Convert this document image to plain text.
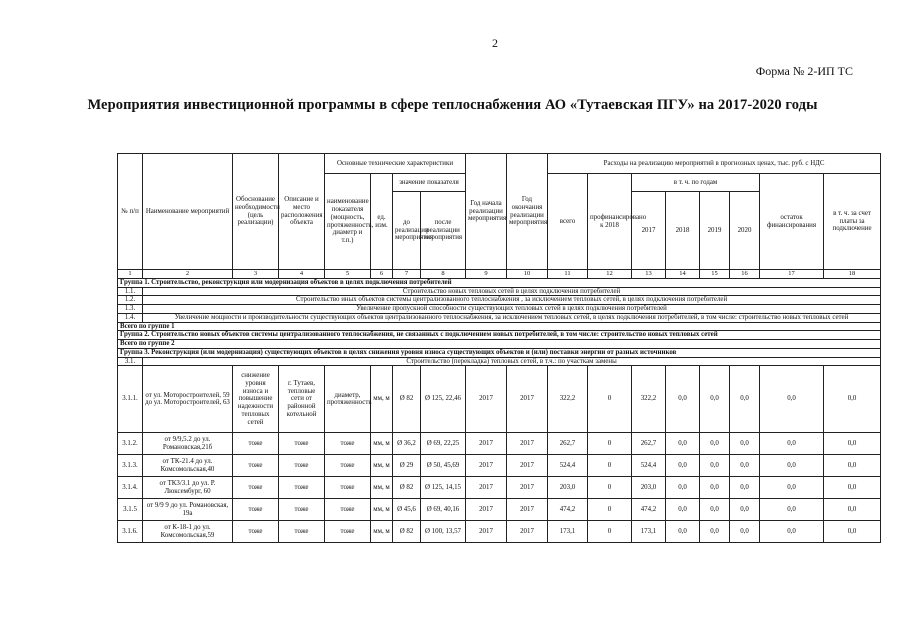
2
Форма № 2-ИП ТС
Мероприятия инвестиционной программы в сфере теплоснабжения АО «Тутаевская ПГУ» на 2017-2020 годы
№ п/п	Наименование мероприятий	Обоснование необходимости (цель реализации)	Описание и место расположения объекта	Основные технические характеристики				Год начала реализации мероприятия	Год окончания реализации мероприятия	Расходы на реализацию мероприятий в прогнозных ценах, тыс. руб. с НДС							
				наименование показателя (мощность, протяженность, диаметр и т.п.)	ед. изм.	значение показателя				всего	профинансировано к 2018	в т. ч. по годам				остаток финансирования	в т. ч. за счет платы за подключение
						до реализации мероприятия	после реализации мероприятия					2017	2018	2019	2020		
1	2	3	4	5	6	7	8	9	10	11	12	13	14	15	16	17	18
Группа 1. Строительство, реконструкция или модернизация объектов в целях подключения потребителей																	
1.1.	Строительство новых тепловых сетей в целях подключения потребителей																
1.2.	Строительство иных объектов системы централизованного теплоснабжения , за исключением тепловых сетей, в целях подключения потребителей																
1.3.	Увеличение пропускной способности существующих тепловых сетей в целях подключения потребителей																
1.4.	Увеличение мощности и производительности существующих объектов централизованного теплоснабжения, за исключением тепловых сетей, в целях подключения потребителей, в том числе: строительство новых тепловых сетей																
Всего по группе 1																	
Группа 2. Строительство новых объектов системы централизованного теплоснабжения, не связанных с подключением новых потребителей, в том числе: строительство новых тепловых сетей																	
Всего по группе 2																	
Группа 3. Реконструкция (или модернизация) существующих объектов в целях снижения уровня износа существующих объектов и (или) поставки энергии от разных источников																	
3.1.	Строительство (перекладка) тепловых сетей, в т.ч.: по участкам замены																
3.1.1.	от ул. Моторостроителей, 59 до ул. Моторостроителей, 63	снижение уровня износа и повышение надежности тепловых сетей	г. Тутаев, тепловые сети от районной котельной	диаметр, протяженность	мм, м	Ø 82	Ø 125, 22,46	2017	2017	322,2	0	322,2	0,0	0,0	0,0	0,0	0,0
3.1.2.	от 9/9,5.2 до ул. Романовская,21б	тоже	тоже	тоже	мм, м	Ø 36,2	Ø 69, 22,25	2017	2017	262,7	0	262,7	0,0	0,0	0,0	0,0	0,0
3.1.3.	от ТК-21.4 до ул. Комсомольская,40	тоже	тоже	тоже	мм, м	Ø 29	Ø 50, 45,69	2017	2017	524,4	0	524,4	0,0	0,0	0,0	0,0	0,0
3.1.4.	от ТК3/3.1 до ул. Р. Люксембург, 60	тоже	тоже	тоже	мм, м	Ø 82	Ø 125, 14,15	2017	2017	203,0	0	203,0	0,0	0,0	0,0	0,0	0,0
3.1.5	от 9/9 9 до ул. Романовская, 19а	тоже	тоже	тоже	мм, м	Ø 45,6	Ø 69, 40,16	2017	2017	474,2	0	474,2	0,0	0,0	0,0	0,0	0,0
3.1.6.	от К-18-1 до ул. Комсомольская,59	тоже	тоже	тоже	мм, м	Ø 82	Ø 100, 13,57	2017	2017	173,1	0	173,1	0,0	0,0	0,0	0,0	0,0
